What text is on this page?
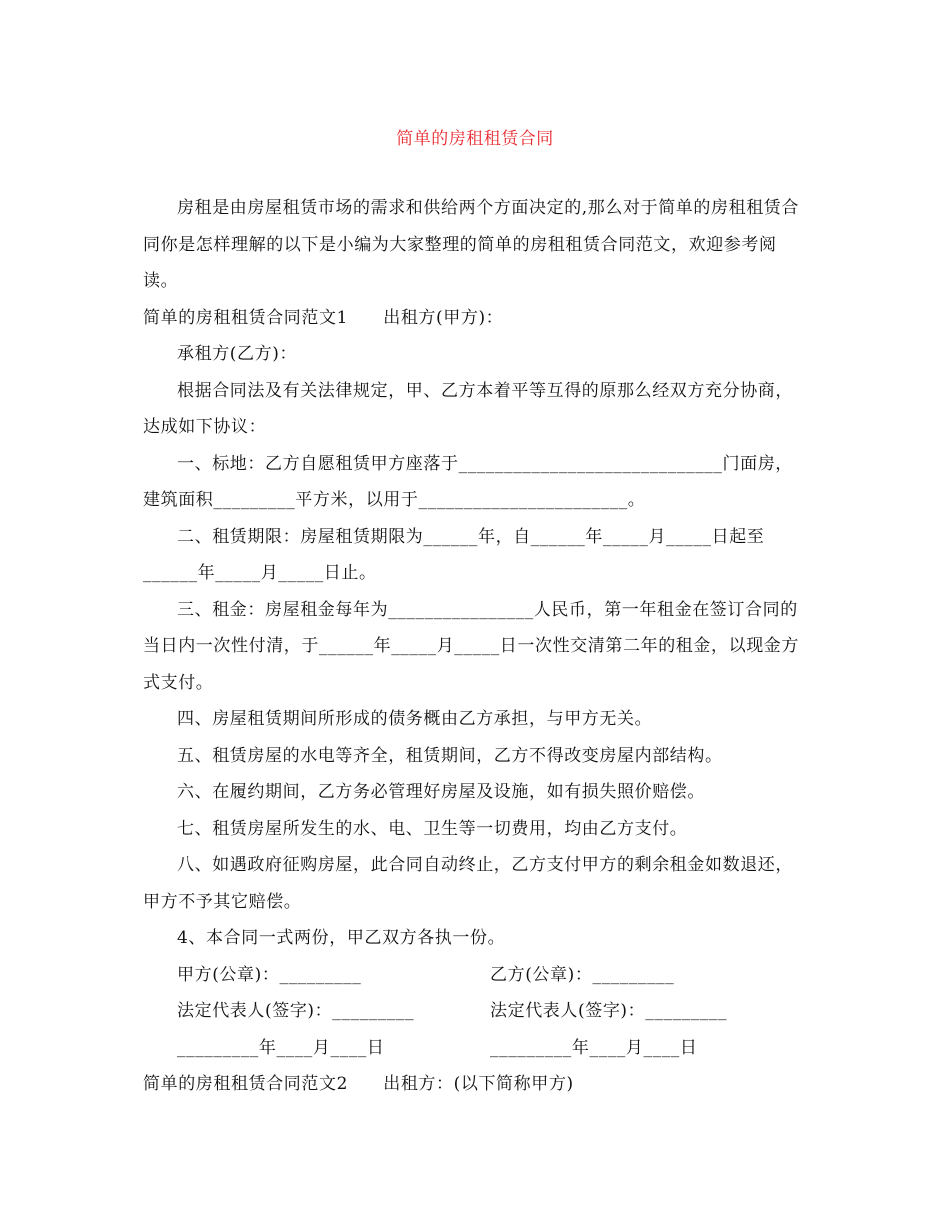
简单的房租租赁合同

房租是由房屋租赁市场的需求和供给两个方面决定的,那么对于简单的房租租赁合同你是怎样理解的以下是小编为大家整理的简单的房租租赁合同范文，欢迎参考阅读。

简单的房租租赁合同范文1　　出租方(甲方)：

承租方(乙方)：

根据合同法及有关法律规定，甲、乙方本着平等互得的原那么经双方充分协商，达成如下协议：

一、标地：乙方自愿租赁甲方座落于_____________________________门面房，建筑面积_________平方米，以用于_______________________。

二、租赁期限：房屋租赁期限为______年，自______年_____月_____日起至______年_____月_____日止。

三、租金：房屋租金每年为________________人民币，第一年租金在签订合同的当日内一次性付清，于______年_____月_____日一次性交清第二年的租金，以现金方式支付。

四、房屋租赁期间所形成的债务概由乙方承担，与甲方无关。

五、租赁房屋的水电等齐全，租赁期间，乙方不得改变房屋内部结构。

六、在履约期间，乙方务必管理好房屋及设施，如有损失照价赔偿。

七、租赁房屋所发生的水、电、卫生等一切费用，均由乙方支付。

八、如遇政府征购房屋，此合同自动终止，乙方支付甲方的剩余租金如数退还，甲方不予其它赔偿。

4、本合同一式两份，甲乙双方各执一份。

甲方(公章)：_________	乙方(公章)：_________
法定代表人(签字)：_________	法定代表人(签字)：_________
_________年____月____日	_________年____月____日

简单的房租租赁合同范文2　　出租方：(以下简称甲方)
